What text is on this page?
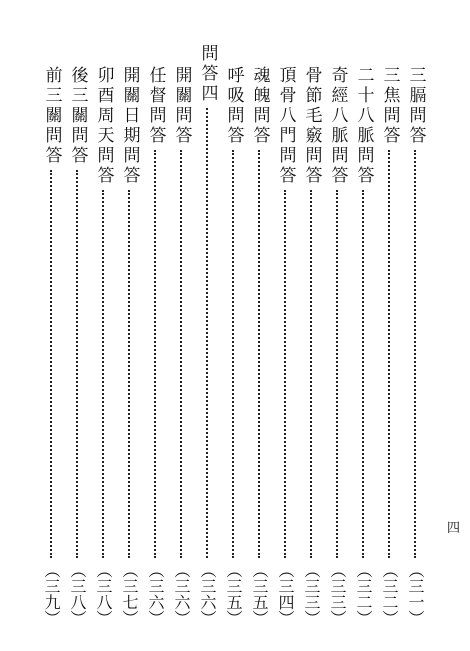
四
三膈問答
（三一）
三焦問答
（三二）
二十八脈問答
（三二）
奇經八脈問答
（三三）
骨節毛竅問答
（三三）
頂骨八門問答
（三四）
魂魄問答
（三五）
呼吸問答
（三五）
問答四
（三六）
開關問答
（三六）
任督問答
（三六）
開關日期問答
（三七）
卯酉周天問答
（三八）
後三關問答
（三八）
前三關問答
（三九）
